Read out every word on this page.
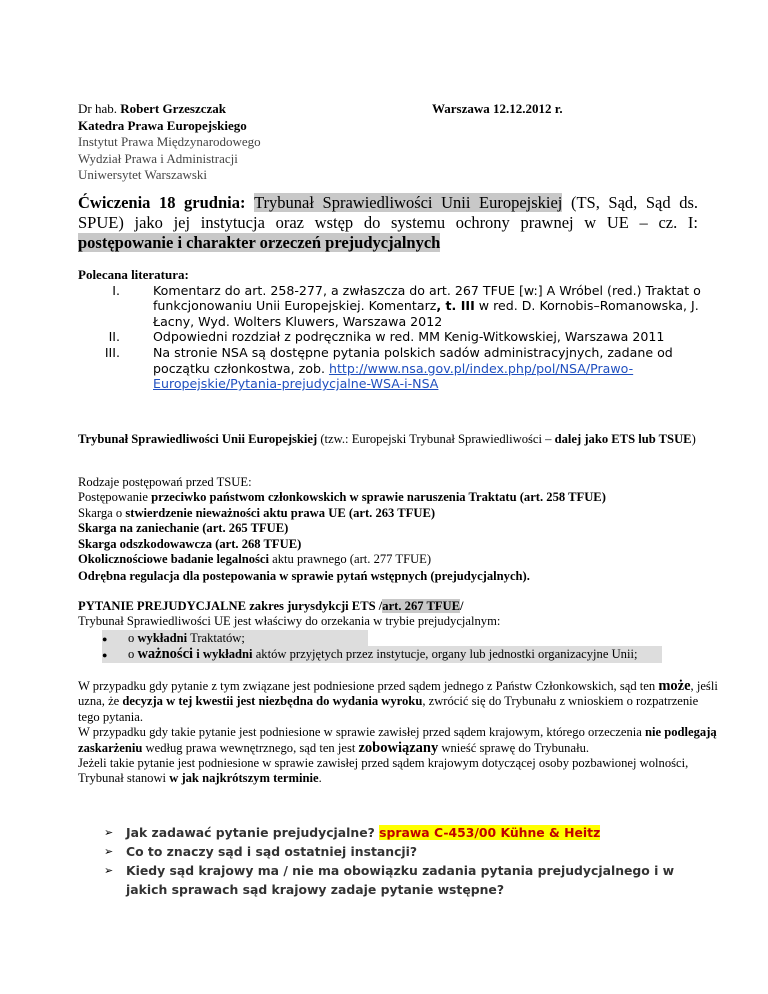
Dr hab. Robert Grzeszczak
Katedra Prawa Europejskiego
Instytut Prawa Międzynarodowego
Wydział Prawa i Administracji
Uniwersytet Warszawski
Warszawa 12.12.2012 r.
Ćwiczenia 18 grudnia: Trybunał Sprawiedliwości Unii Europejskiej (TS, Sąd, Sąd ds. SPUE) jako jej instytucja oraz wstęp do systemu ochrony prawnej w UE – cz. I: postępowanie i charakter orzeczeń prejudycjalnych
Polecana literatura:
I.	Komentarz do art. 258-277, a zwłaszcza do art. 267 TFUE [w:] A Wróbel (red.) Traktat o funkcjonowaniu Unii Europejskiej. Komentarz, t. III w red. D. Kornobis–Romanowska, J. Łacny, Wyd. Wolters Kluwers, Warszawa 2012
II.	Odpowiedni rozdział z podręcznika w red. MM Kenig-Witkowskiej, Warszawa 2011
III.	Na stronie NSA są dostępne pytania polskich sadów administracyjnych, zadane od początku członkostwa, zob. http://www.nsa.gov.pl/index.php/pol/NSA/Prawo-Europejskie/Pytania-prejudycjalne-WSA-i-NSA
Trybunał Sprawiedliwości Unii Europejskiej (tzw.: Europejski Trybunał Sprawiedliwości – dalej jako ETS lub TSUE)
Rodzaje postępowań przed TSUE:
Postępowanie przeciwko państwom członkowskich w sprawie naruszenia Traktatu (art. 258 TFUE)
Skarga o stwierdzenie nieważności aktu prawa UE (art. 263 TFUE)
Skarga na zaniechanie (art. 265 TFUE)
Skarga odszkodowawcza (art. 268 TFUE)
Okolicznościowe badanie legalności aktu prawnego (art. 277 TFUE)
Odrębna regulacja dla postepowania w sprawie pytań wstępnych (prejudycjalnych).
PYTANIE PREJUDYCJALNE zakres jurysdykcji ETS /art. 267 TFUE/
Trybunał Sprawiedliwości UE jest właściwy do orzekania w trybie prejudycjalnym:
● o wykładni Traktatów;
● o ważności i wykładni aktów przyjętych przez instytucje, organy lub jednostki organizacyjne Unii;
W przypadku gdy pytanie z tym związane jest podniesione przed sądem jednego z Państw Członkowskich, sąd ten może, jeśli uzna, że decyzja w tej kwestii jest niezbędna do wydania wyroku, zwrócić się do Trybunału z wnioskiem o rozpatrzenie tego pytania.
W przypadku gdy takie pytanie jest podniesione w sprawie zawisłej przed sądem krajowym, którego orzeczenia nie podlegają zaskarżeniu według prawa wewnętrznego, sąd ten jest zobowiązany wnieść sprawę do Trybunału.
Jeżeli takie pytanie jest podniesione w sprawie zawisłej przed sądem krajowym dotyczącej osoby pozbawionej wolności, Trybunał stanowi w jak najkrótszym terminie.
➢ Jak zadawać pytanie prejudycjalne? sprawa C-453/00 Kühne & Heitz
➢ Co to znaczy sąd i sąd ostatniej instancji?
➢ Kiedy sąd krajowy ma / nie ma obowiązku zadania pytania prejudycjalnego i w jakich sprawach sąd krajowy zadaje pytanie wstępne?
